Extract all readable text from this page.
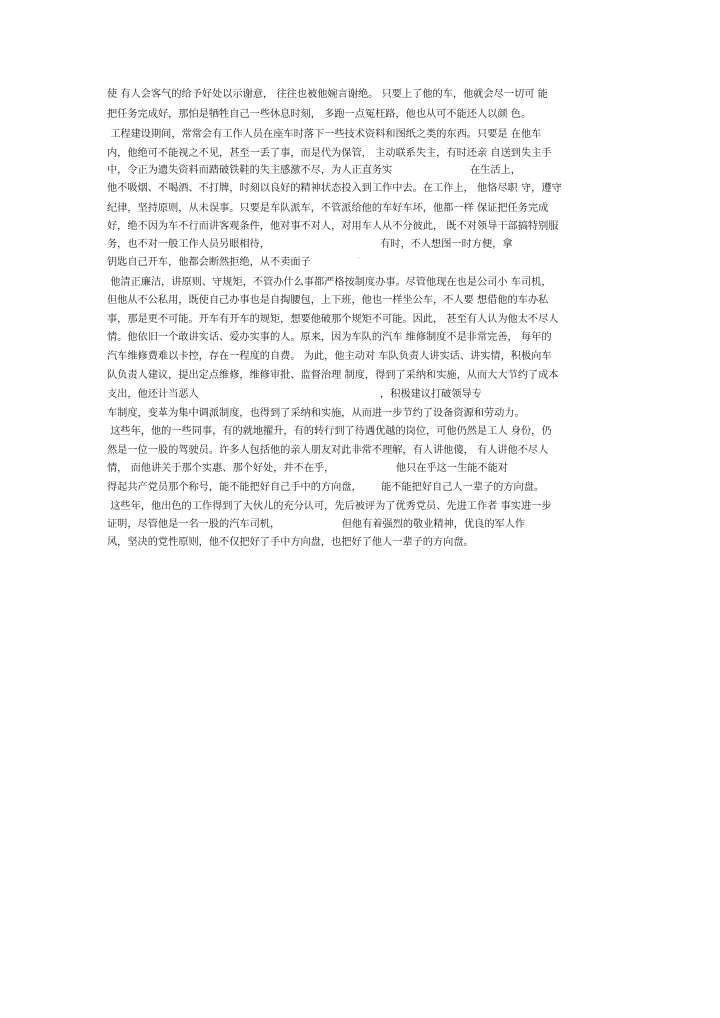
使 有人会客气的给予好处以示谢意， 往往也被他婉言谢绝。 只要上了他的车，他就会尽一切可 能
把任务完成好，那怕是牺牲自己一些休息时刻， 多跑一点冤枉路，他也从可不能还人以颜 色。
工程建设期间，常常会有工作人员在座车时落下一些技术资料和图纸之类的东西。只要是 在他车
内，他绝可不能视之不见，甚至一丢了事，而是代为保管， 主动联系失主，有时还亲 自送到失主手
中，令正为遗失资料而踏破铁鞋的失主感激不尽，为人正直务实                        在生活上，
他不吸烟、不喝酒、不打牌，时刻以良好的精神状态投入到工作中去。在工作上， 他恪尽职 守，遵守
纪律，坚持原则，从未误事。只要是车队派车，不管派给他的车好车坏，他都一样 保证把任务完成
好，绝不因为车不行而讲客观条件，他对事不对人，对用车人从不分彼此， 既不对领导干部搞特别服
务，也不对一般工作人员另眼相待，                                  有时，不人想图一时方便，拿
钥匙自己开车，他都会断然拒绝，从不卖面子	˙
他清正廉洁，讲原则、守规矩，不管办什么事都严格按制度办事。尽管他现在也是公司小 车司机，
但他从不公私用，既使自己办事也是自掏腰包，上下班，他也一样坐公车，不人要 想借他的车办私
事，那是更不可能。开车有开车的规矩，想要他破那个规矩不可能。因此， 甚至有人认为他太不尽人
情。他依旧一个敢讲实话、爱办实事的人。原来，因为车队的汽车 维修制度不是非常完善， 每年的
汽车维修费难以卡控，存在一程度的自费。 为此，他主动对 车队负责人讲实话、讲实情，积极向车
队负责人建议，提出定点维修，维修审批、监督治理 制度，得到了采纳和实施，从而大大节约了成本
支出，他还计当恶人                                                        ，积极建议打破领导专
车制度，变革为集中调派制度，也得到了采纳和实施，从而进一步节约了设备资源和劳动力。
这些年，他的一些同事，有的就地擢升，有的转行到了待遇优越的岗位，可他仍然是工人 身份，仍
然是一位一股的驾驶员。许多人包括他的亲人朋友对此非常不理解，有人讲他傻， 有人讲他不尽人
情， 而他讲关于那个实惠、那个好处，并不在乎，                   他只在乎这一生能不能对
得起共产党员那个称号，能不能把好自己手中的方向盘，      能不能把好自己人一辈子的方向盘。
这些年，他出色的工作得到了大伙儿的充分认可，先后被评为了优秀党员、先进工作者 事实进一步
证明，尽管他是一名一股的汽车司机，                   但他有着强烈的敬业精神，优良的军人作
风，坚决的党性原则，他不仅把好了手中方向盘，也把好了他人一辈子的方向盘。
